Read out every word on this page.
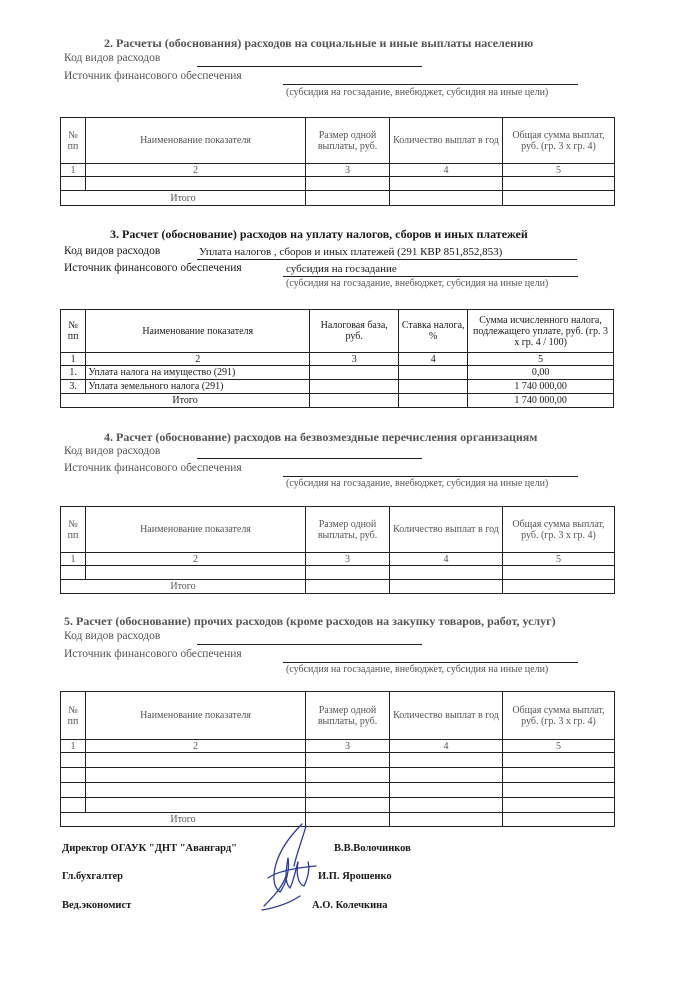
2. Расчеты (обоснования) расходов на социальные и иные выплаты населению
Код видов расходов
Источник финансового обеспечения
(субсидия на госзадание, внебюджет, субсидия на иные цели)
№ пп	Наименование показателя	Размер одной выплаты, руб.	Количество выплат в год	Общая сумма выплат, руб. (гр. 3 х гр. 4)
1	2	3	4	5

Итого				
3. Расчет (обоснование) расходов на уплату налогов, сборов и иных платежей
Код видов расходов	Уплата налогов , сборов и иных платежей (291 КВР 851,852,853)
Источник финансового обеспечения	субсидия на госзадание
(субсидия на госзадание, внебюджет, субсидия на иные цели)
№ пп	Наименование показателя	Налоговая база, руб.	Ставка налога, %	Сумма исчисленного налога, подлежащего уплате, руб. (гр. 3 х гр. 4 / 100)
1	2	3	4	5
1.	Уплата налога на имущество (291)			0,00
3.	Уплата земельного налога (291)			1 740 000,00
Итого				1 740 000,00
4. Расчет (обоснование) расходов на безвозмездные перечисления организациям
Код видов расходов
Источник финансового обеспечения
(субсидия на госзадание, внебюджет, субсидия на иные цели)
№ пп	Наименование показателя	Размер одной выплаты, руб.	Количество выплат в год	Общая сумма выплат, руб. (гр. 3 х гр. 4)
1	2	3	4	5

Итого				
5. Расчет (обоснование) прочих расходов (кроме расходов на закупку товаров, работ, услуг)
Код видов расходов
Источник финансового обеспечения
(субсидия на госзадание, внебюджет, субсидия на иные цели)
№ пп	Наименование показателя	Размер одной выплаты, руб.	Количество выплат в год	Общая сумма выплат, руб. (гр. 3 х гр. 4)
1	2	3	4	5

Итого				
Директор ОГАУК "ДНТ "Авангард"	В.В.Волочинков
Гл.бухгалтер	И.П. Ярошенко
Вед.экономист	А.О. Колечкина
